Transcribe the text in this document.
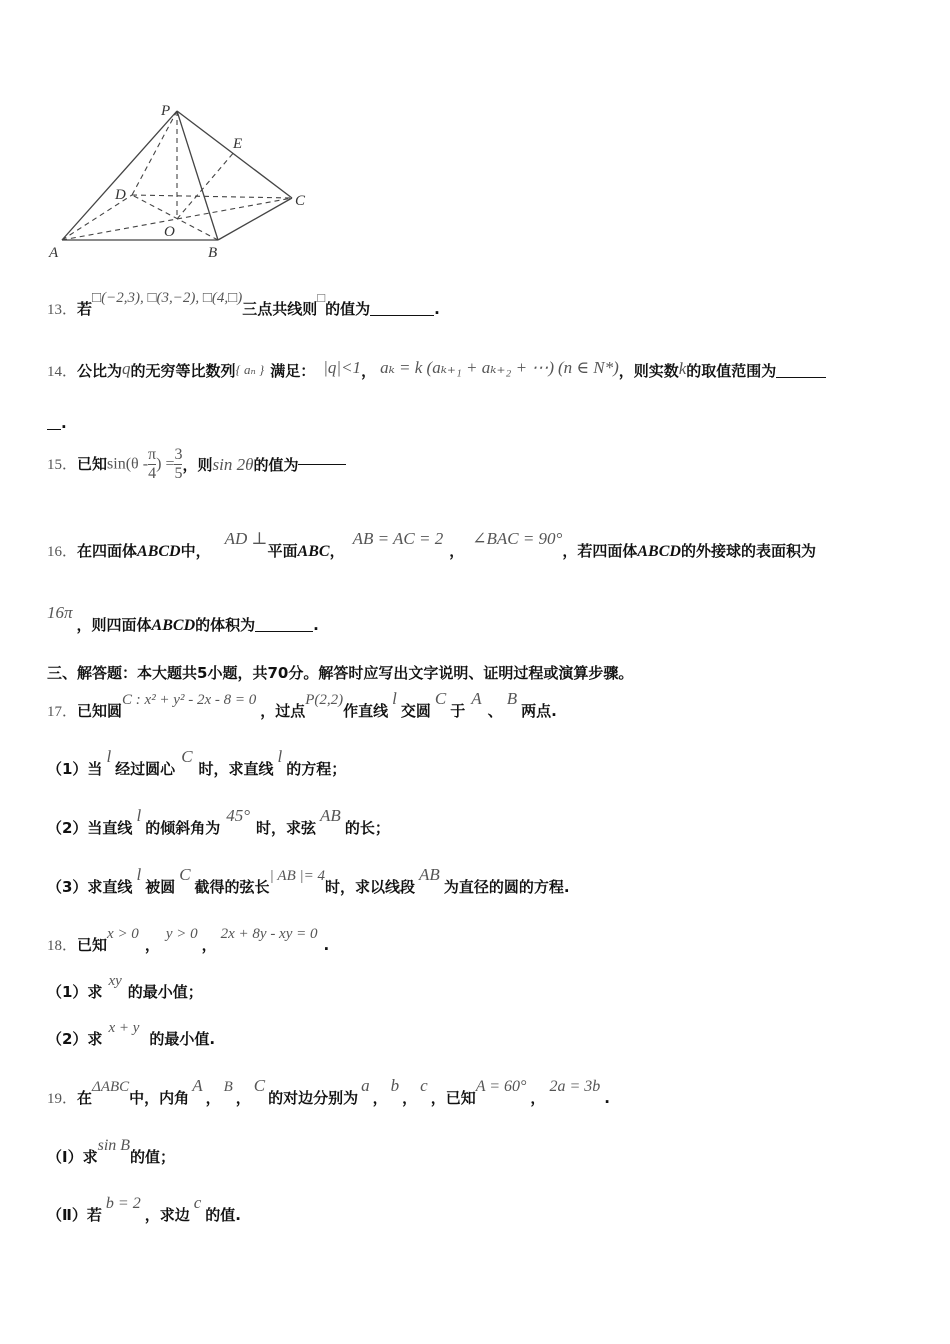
P
E
D	C
O
A	B
13．若□(−2,3), □(3,−2), □(4,□)三点共线则□的值为	.
14．公比为q的无穷等比数列{ aₙ } 满足： |q|<1， aₖ = k (aₖ₊₁ + aₖ₊₂ + ⋯) (n ∈ N*)，则实数k的取值范围为
.
15．已知$\sin(\theta - \frac{\pi}{4}$ ) = $\frac{3}{5}$ ，则sin 2θ的值为
16．在四面体ABCD中，AD ⊥平面ABC，AB = AC = 2，∠BAC = 90°，若四面体ABCD的外接球的表面积为
16π，则四面体ABCD的体积为	.
三、解答题：本大题共5小题，共70分。解答时应写出文字说明、证明过程或演算步骤。
17．已知圆C : x² + y² - 2x - 8 = 0，过点P(2,2)作直线l交圆C于A、B两点.
（1）当l经过圆心C时，求直线l的方程；
（2）当直线l的倾斜角为45°时，求弦AB的长；
（3）求直线l被圆C截得的弦长| AB |= 4时，求以线段AB为直径的圆的方程.
18．已知x > 0，y > 0，2x + 8y - xy = 0.
（1）求xy的最小值；
（2）求x + y的最小值.
19．在ΔABC中，内角A，B，C的对边分别为a，b，c，已知A = 60°，2a = 3b.
（Ⅰ）求sin B的值；
（Ⅱ）若b = 2，求边c的值.
